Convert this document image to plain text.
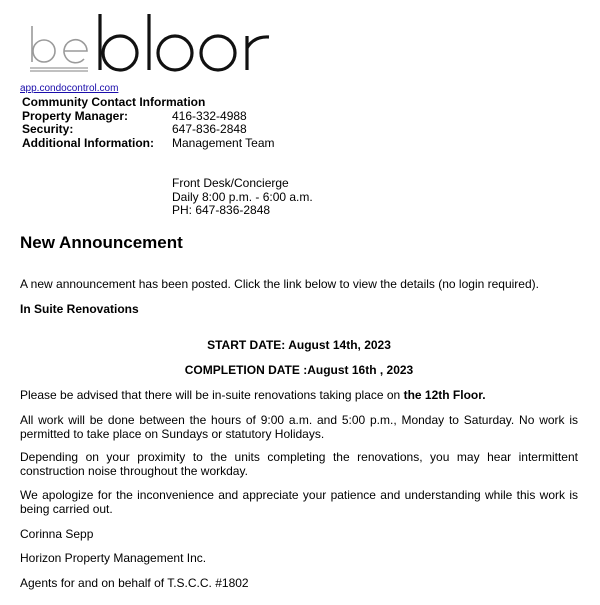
app.condocontrol.com
Community Contact Information
Property Manager:	416-332-4988
Security:	647-836-2848
Additional Information:	Management Team
Front Desk/Concierge
Daily 8:00 p.m. - 6:00 a.m.
PH: 647-836-2848
New Announcement
A new announcement has been posted. Click the link below to view the details (no login required).
In Suite Renovations
START DATE: August 14th, 2023
COMPLETION DATE :August 16th , 2023
Please be advised that there will be in-suite renovations taking place on the 12th Floor.
All work will be done between the hours of 9:00 a.m. and 5:00 p.m., Monday to Saturday. No work is permitted to take place on Sundays or statutory Holidays.
Depending on your proximity to the units completing the renovations, you may hear intermittent construction noise throughout the workday.
We apologize for the inconvenience and appreciate your patience and understanding while this work is being carried out.
Corinna Sepp
Horizon Property Management Inc.
Agents for and on behalf of T.S.C.C. #1802
